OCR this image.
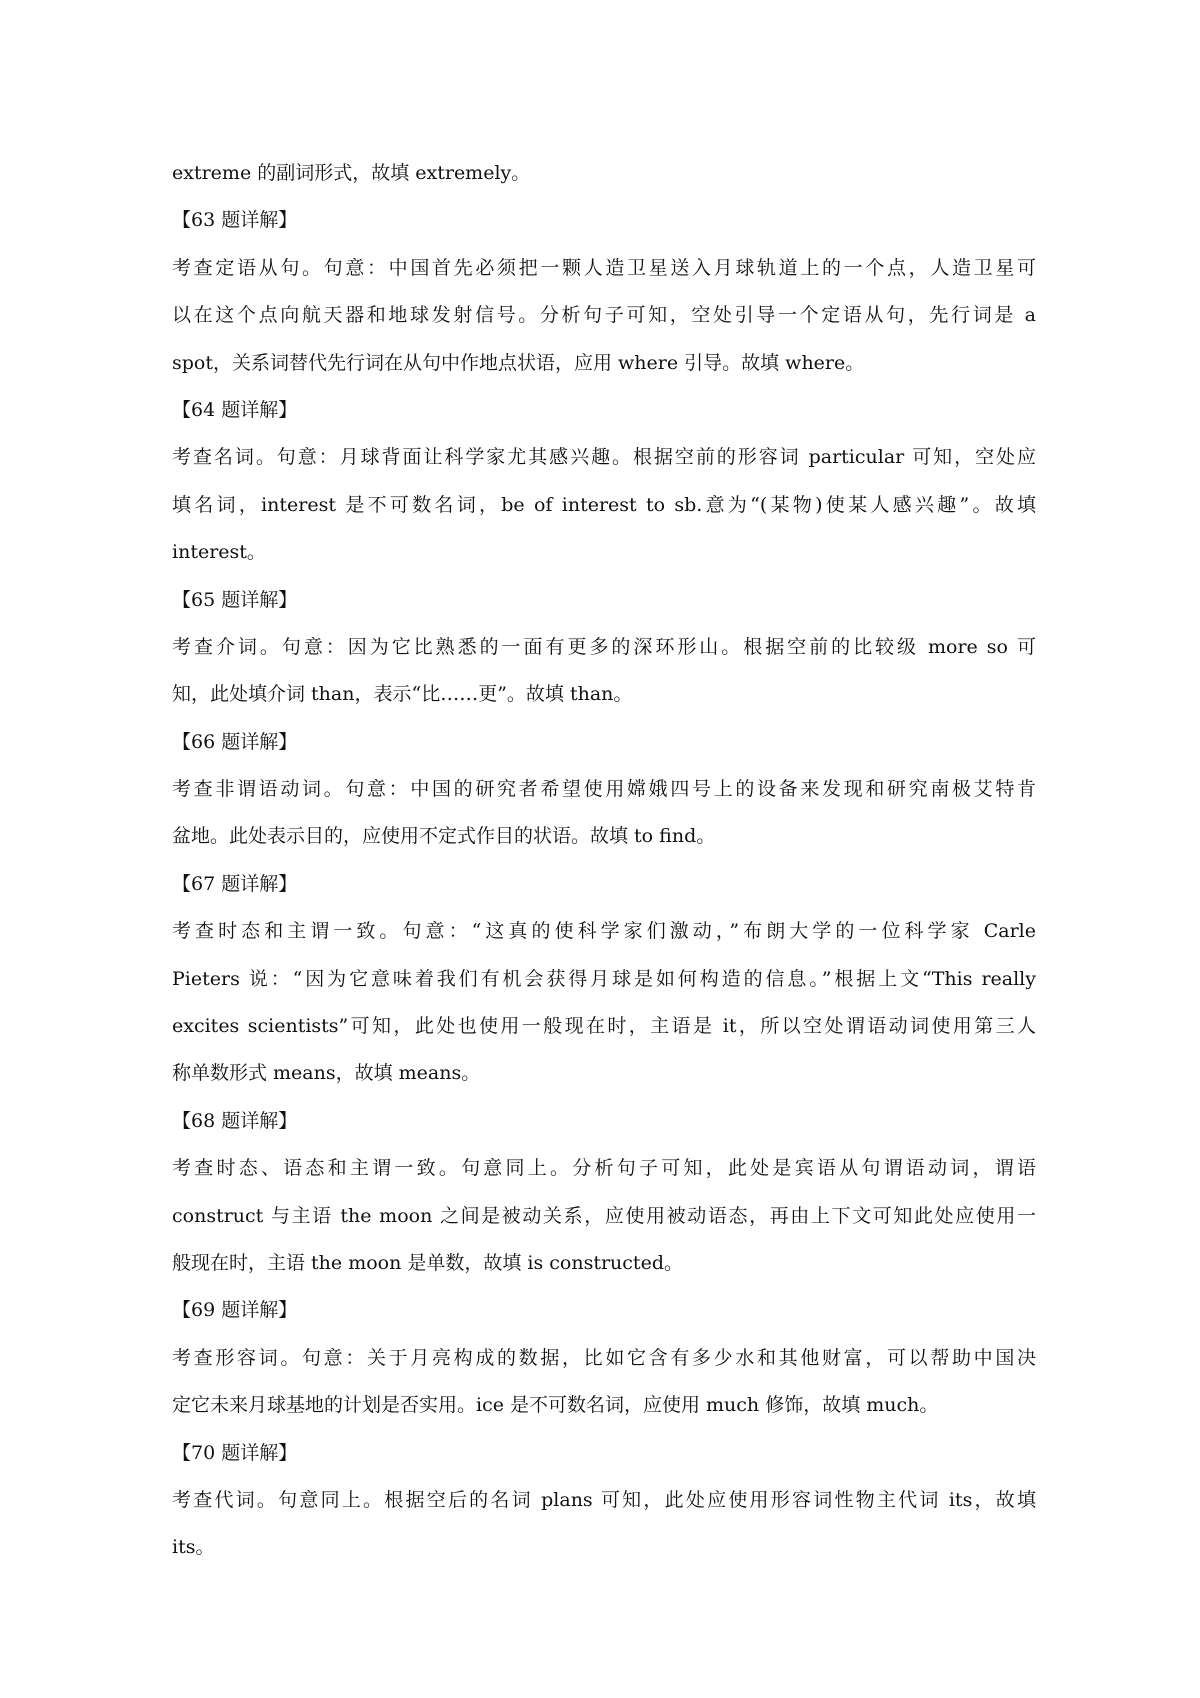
extreme 的副词形式，故填 extremely。
【63 题详解】
考查定语从句。句意：中国首先必须把一颗人造卫星送入月球轨道上的一个点，人造卫星可
以在这个点向航天器和地球发射信号。分析句子可知，空处引导一个定语从句，先行词是 a
spot，关系词替代先行词在从句中作地点状语，应用 where 引导。故填 where。
【64 题详解】
考查名词。句意：月球背面让科学家尤其感兴趣。根据空前的形容词 particular 可知，空处应
填名词，interest 是不可数名词，be of interest to sb.意为“(某物)使某人感兴趣”。故填
interest。
【65 题详解】
考查介词。句意：因为它比熟悉的一面有更多的深环形山。根据空前的比较级 more so 可
知，此处填介词 than，表示“比……更”。故填 than。
【66 题详解】
考查非谓语动词。句意：中国的研究者希望使用嫦娥四号上的设备来发现和研究南极艾特肯
盆地。此处表示目的，应使用不定式作目的状语。故填 to find。
【67 题详解】
考查时态和主谓一致。句意：“这真的使科学家们激动，”布朗大学的一位科学家 Carle
Pieters 说：“因为它意味着我们有机会获得月球是如何构造的信息。”根据上文“This really
excites scientists”可知，此处也使用一般现在时，主语是 it，所以空处谓语动词使用第三人
称单数形式 means，故填 means。
【68 题详解】
考查时态、语态和主谓一致。句意同上。分析句子可知，此处是宾语从句谓语动词，谓语
construct 与主语 the moon 之间是被动关系，应使用被动语态，再由上下文可知此处应使用一
般现在时，主语 the moon 是单数，故填 is constructed。
【69 题详解】
考查形容词。句意：关于月亮构成的数据，比如它含有多少水和其他财富，可以帮助中国决
定它未来月球基地的计划是否实用。ice 是不可数名词，应使用 much 修饰，故填 much。
【70 题详解】
考查代词。句意同上。根据空后的名词 plans 可知，此处应使用形容词性物主代词 its，故填
its。
